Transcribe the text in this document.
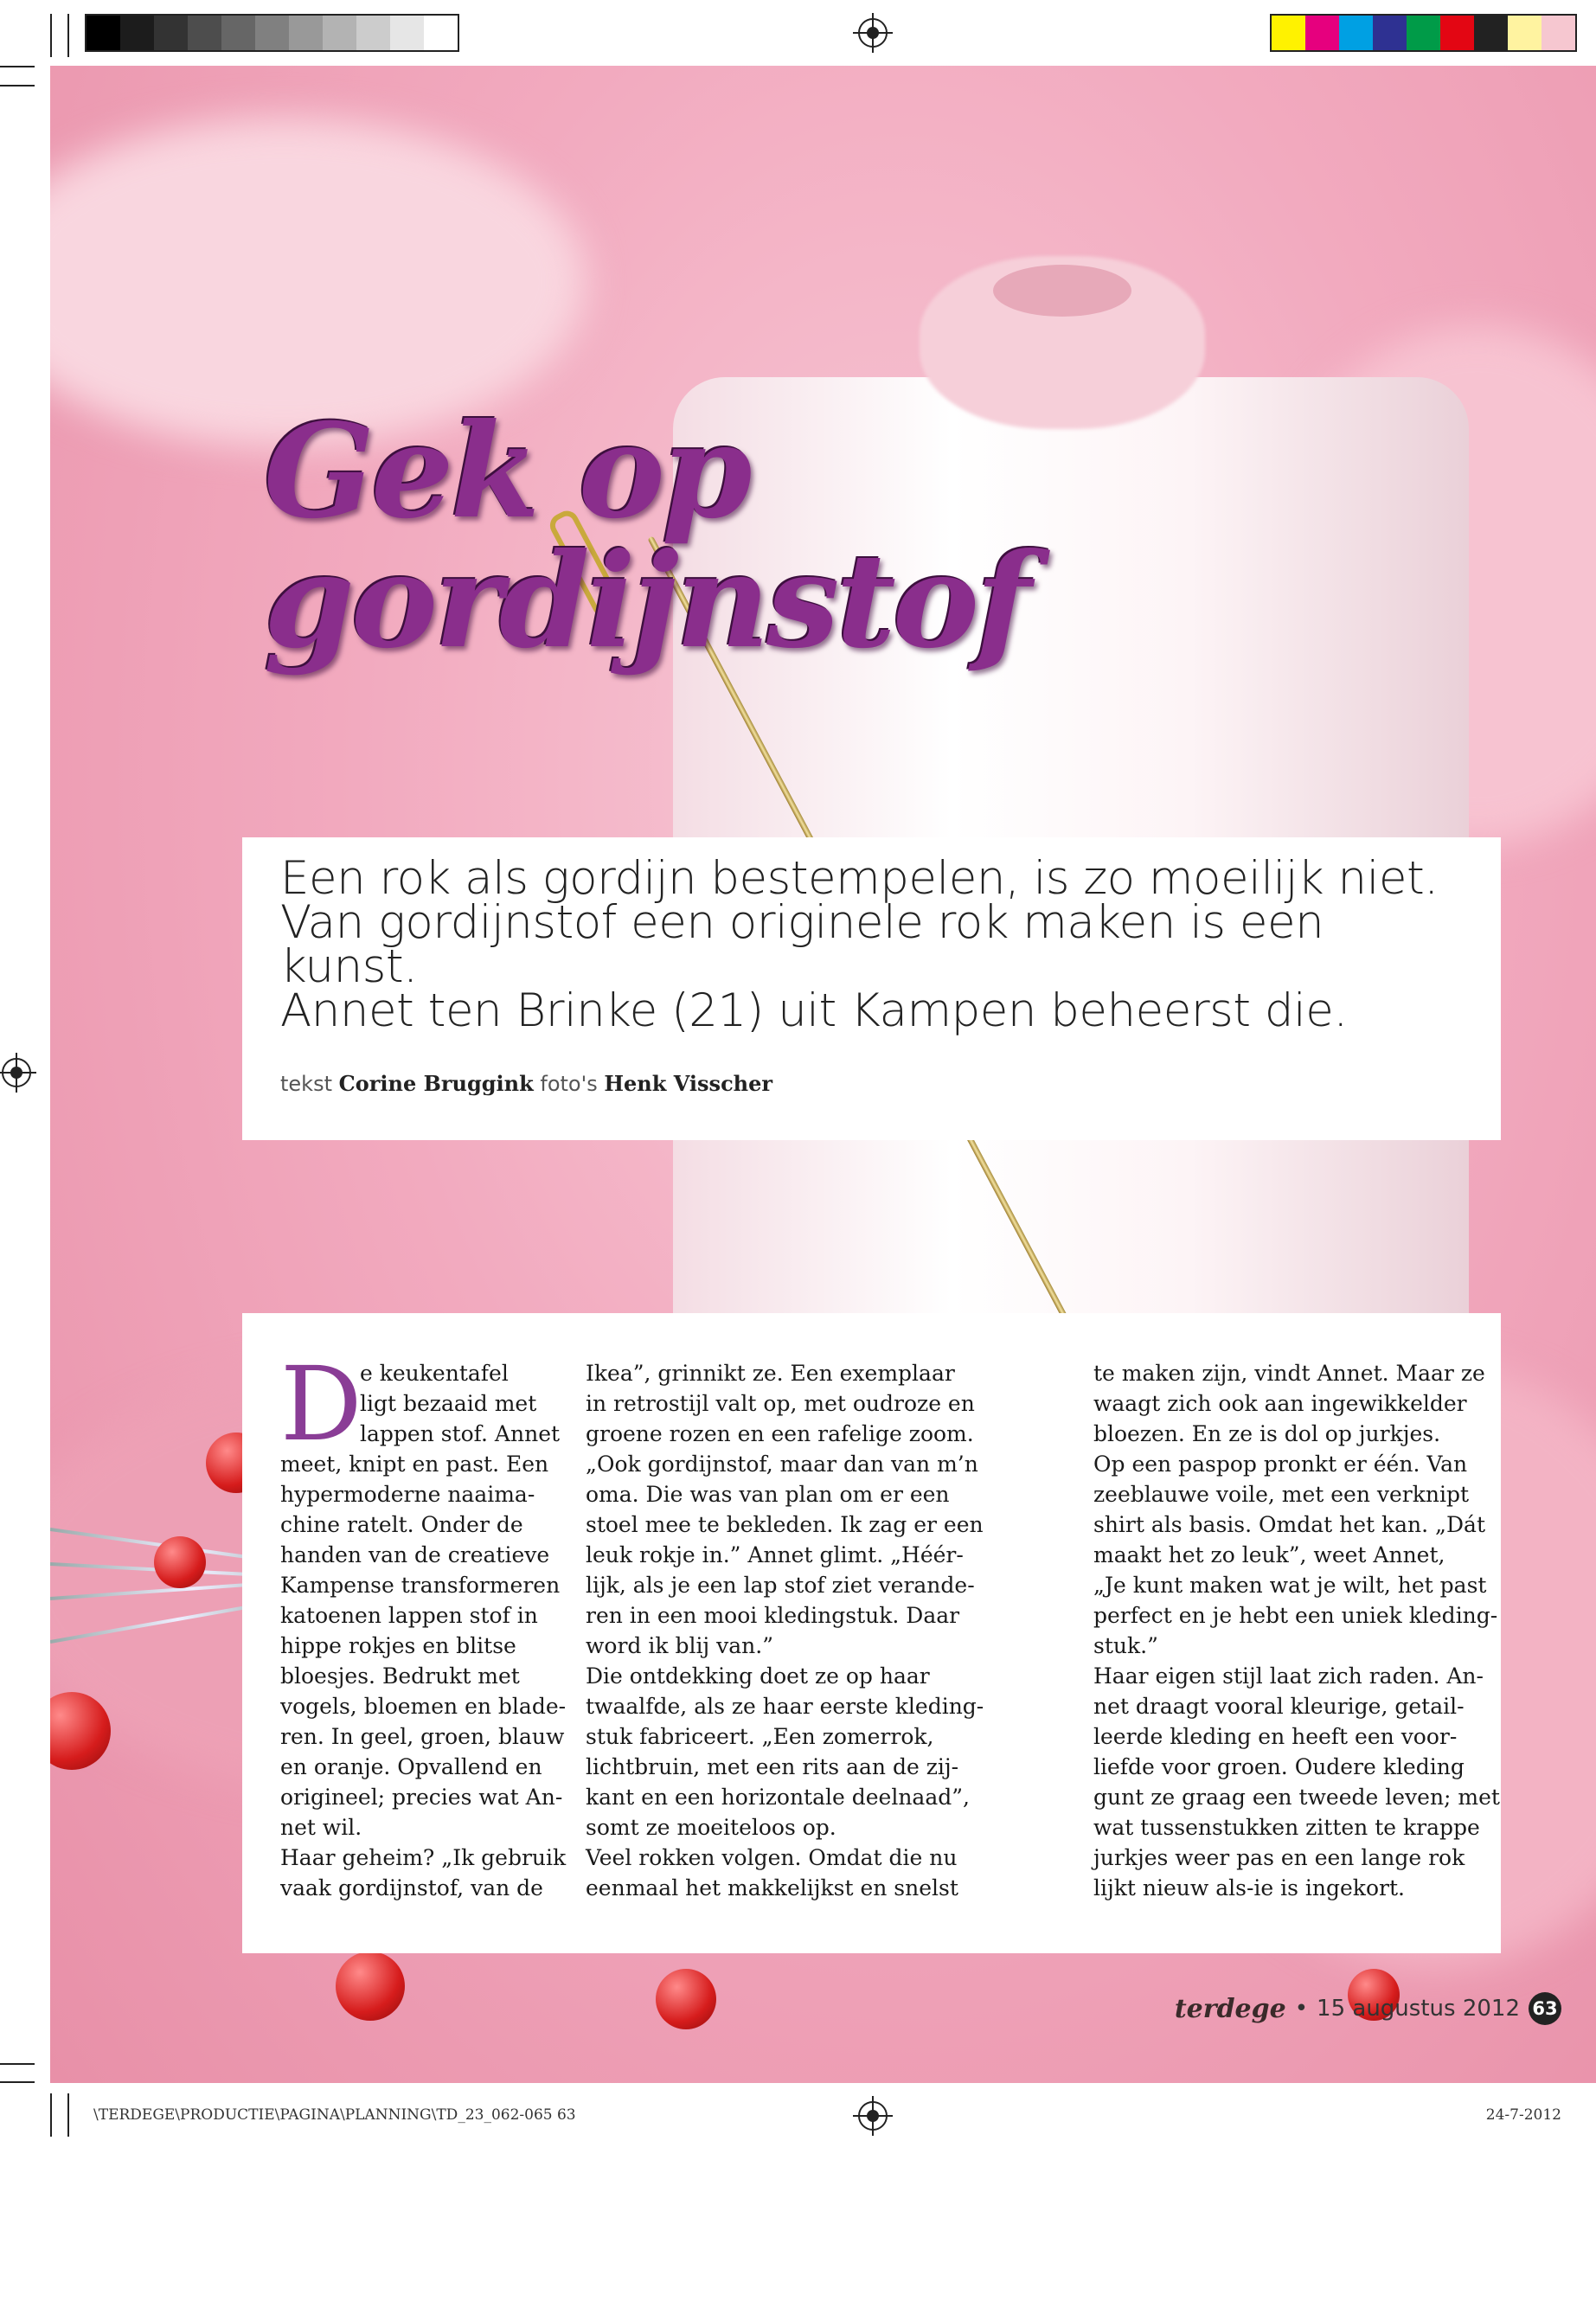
Gek op
gordijnstof

Een rok als gordijn bestempelen, is zo moeilijk niet.
Van gordijnstof een originele rok maken is een kunst.
Annet ten Brinke (21) uit Kampen beheerst die.

tekst Corine Bruggink foto's Henk Visscher
D
e keukentafel
ligt bezaaid met
lappen stof. Annet
meet, knipt en past. Een
hypermoderne naaima-
chine ratelt. Onder de
handen van de creatieve
Kampense transformeren
katoenen lappen stof in
hippe rokjes en blitse
bloesjes. Bedrukt met
vogels, bloemen en blade-
ren. In geel, groen, blauw
en oranje. Opvallend en
origineel; precies wat An-
net wil.
Haar geheim? „Ik gebruik
vaak gordijnstof, van de
Ikea”, grinnikt ze. Een exemplaar
in retrostijl valt op, met oudroze en
groene rozen en een rafelige zoom.
„Ook gordijnstof, maar dan van m’n
oma. Die was van plan om er een
stoel mee te bekleden. Ik zag er een
leuk rokje in.” Annet glimt. „Héér-
lijk, als je een lap stof ziet verande-
ren in een mooi kledingstuk. Daar
word ik blij van.”
Die ontdekking doet ze op haar
twaalfde, als ze haar eerste kleding-
stuk fabriceert. „Een zomerrok,
lichtbruin, met een rits aan de zij-
kant en een horizontale deelnaad”,
somt ze moeiteloos op.
Veel rokken volgen. Omdat die nu
eenmaal het makkelijkst en snelst
te maken zijn, vindt Annet. Maar ze
waagt zich ook aan ingewikkelder
bloezen. En ze is dol op jurkjes.
Op een paspop pronkt er één. Van
zeeblauwe voile, met een verknipt
shirt als basis. Omdat het kan. „Dát
maakt het zo leuk”, weet Annet,
„Je kunt maken wat je wilt, het past
perfect en je hebt een uniek kleding-
stuk.”
Haar eigen stijl laat zich raden. An-
net draagt vooral kleurige, getail-
leerde kleding en heeft een voor-
liefde voor groen. Oudere kleding
gunt ze graag een tweede leven; met
wat tussenstukken zitten te krappe
jurkjes weer pas en een lange rok
lijkt nieuw als-ie is ingekort.
terdege • 15 augustus 2012 63
\TERDEGE\PRODUCTIE\PAGINA\PLANNING\TD_23_062-065 63	24-7-2012
